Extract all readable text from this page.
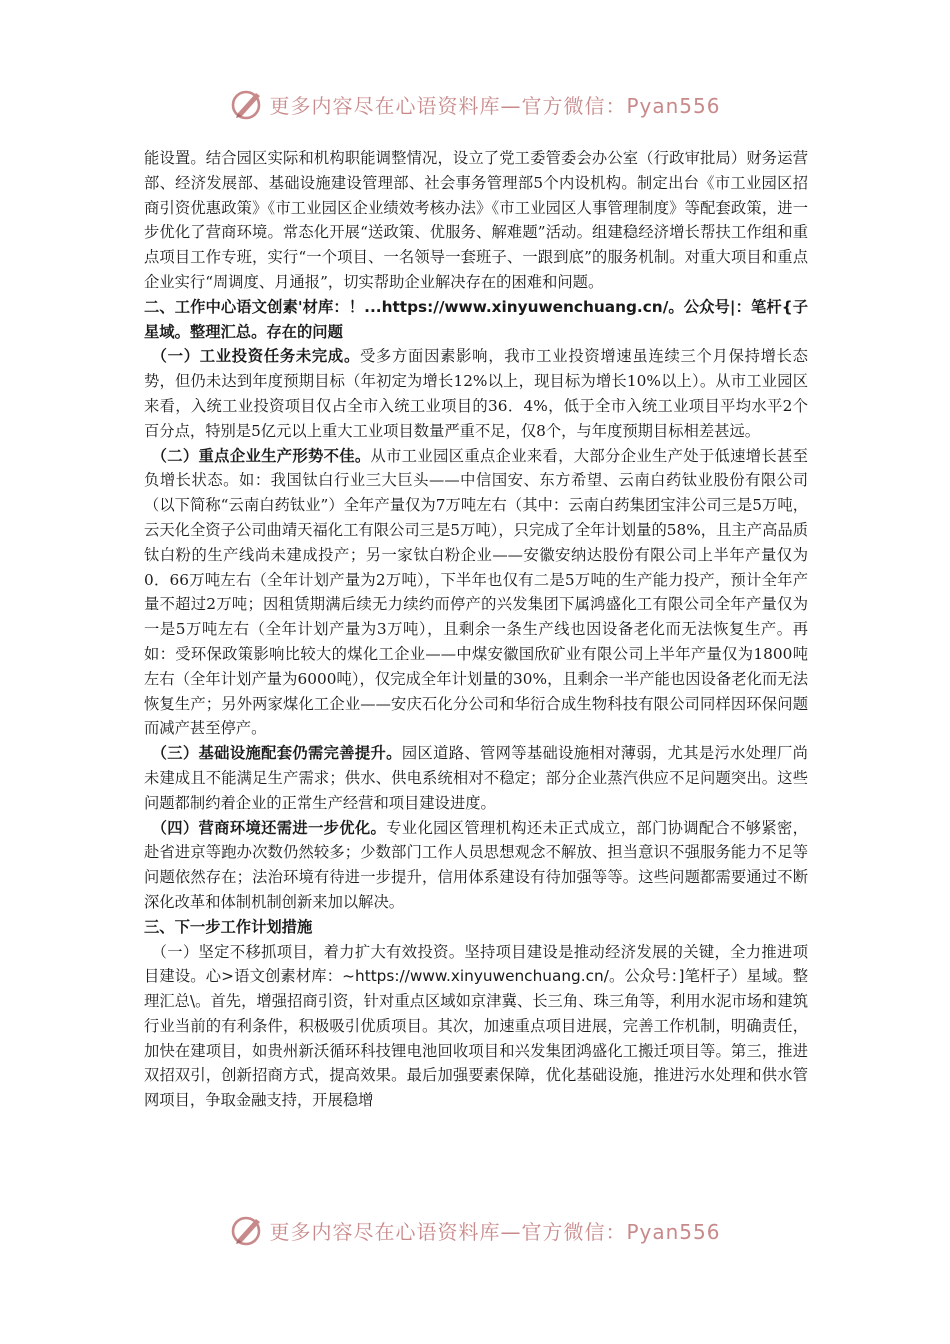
更多内容尽在心语资料库—官方微信：Pyan556

能设置。结合园区实际和机构职能调整情况，设立了党工委管委会办公室（行政审批局）财务运营部、经济发展部、基础设施建设管理部、社会事务管理部5个内设机构。制定出台《市工业园区招商引资优惠政策》《市工业园区企业绩效考核办法》《市工业园区人事管理制度》等配套政策，进一步优化了营商环境。常态化开展“送政策、优服务、解难题”活动。组建稳经济增长帮扶工作组和重点项目工作专班，实行“一个项目、一名领导一套班子、一跟到底”的服务机制。对重大项目和重点企业实行“周调度、月通报”，切实帮助企业解决存在的困难和问题。

二、工作中心语文创素'材库：！...https://www.xinyuwenchuang.cn/。公众号|：笔杆{子星域。整理汇总。存在的问题

（一）工业投资任务未完成。受多方面因素影响，我市工业投资增速虽连续三个月保持增长态势，但仍未达到年度预期目标（年初定为增长12%以上，现目标为增长10%以上）。从市工业园区来看，入统工业投资项目仅占全市入统工业项目的36．4%，低于全市入统工业项目平均水平2个百分点，特别是5亿元以上重大工业项目数量严重不足，仅8个，与年度预期目标相差甚远。

（二）重点企业生产形势不佳。从市工业园区重点企业来看，大部分企业生产处于低速增长甚至负增长状态。如：我国钛白行业三大巨头——中信国安、东方希望、云南白药钛业股份有限公司（以下简称“云南白药钛业”）全年产量仅为7万吨左右（其中：云南白药集团宝沣公司三是5万吨，云天化全资子公司曲靖天福化工有限公司三是5万吨），只完成了全年计划量的58%，且主产高品质钛白粉的生产线尚未建成投产；另一家钛白粉企业——安徽安纳达股份有限公司上半年产量仅为0．66万吨左右（全年计划产量为2万吨），下半年也仅有二是5万吨的生产能力投产，预计全年产量不超过2万吨；因租赁期满后续无力续约而停产的兴发集团下属鸿盛化工有限公司全年产量仅为一是5万吨左右（全年计划产量为3万吨），且剩余一条生产线也因设备老化而无法恢复生产。再如：受环保政策影响比较大的煤化工企业——中煤安徽国欣矿业有限公司上半年产量仅为1800吨左右（全年计划产量为6000吨），仅完成全年计划量的30%，且剩余一半产能也因设备老化而无法恢复生产；另外两家煤化工企业——安庆石化分公司和华衍合成生物科技有限公司同样因环保问题而减产甚至停产。

（三）基础设施配套仍需完善提升。园区道路、管网等基础设施相对薄弱，尤其是污水处理厂尚未建成且不能满足生产需求；供水、供电系统相对不稳定；部分企业蒸汽供应不足问题突出。这些问题都制约着企业的正常生产经营和项目建设进度。

（四）营商环境还需进一步优化。专业化园区管理机构还未正式成立，部门协调配合不够紧密，赴省进京等跑办次数仍然较多；少数部门工作人员思想观念不解放、担当意识不强服务能力不足等问题依然存在；法治环境有待进一步提升，信用体系建设有待加强等等。这些问题都需要通过不断深化改革和体制机制创新来加以解决。

三、下一步工作计划措施

（一）坚定不移抓项目，着力扩大有效投资。坚持项目建设是推动经济发展的关键，全力推进项目建设。心>语文创素材库：~https://www.xinyuwenchuang.cn/。公众号：]笔杆子）星域。整理汇总\。首先，增强招商引资，针对重点区域如京津冀、长三角、珠三角等，利用水泥市场和建筑行业当前的有利条件，积极吸引优质项目。其次，加速重点项目进展，完善工作机制，明确责任，加快在建项目，如贵州新沃循环科技锂电池回收项目和兴发集团鸿盛化工搬迁项目等。第三，推进双招双引，创新招商方式，提高效果。最后加强要素保障，优化基础设施，推进污水处理和供水管网项目，争取金融支持，开展稳增

更多内容尽在心语资料库—官方微信：Pyan556
